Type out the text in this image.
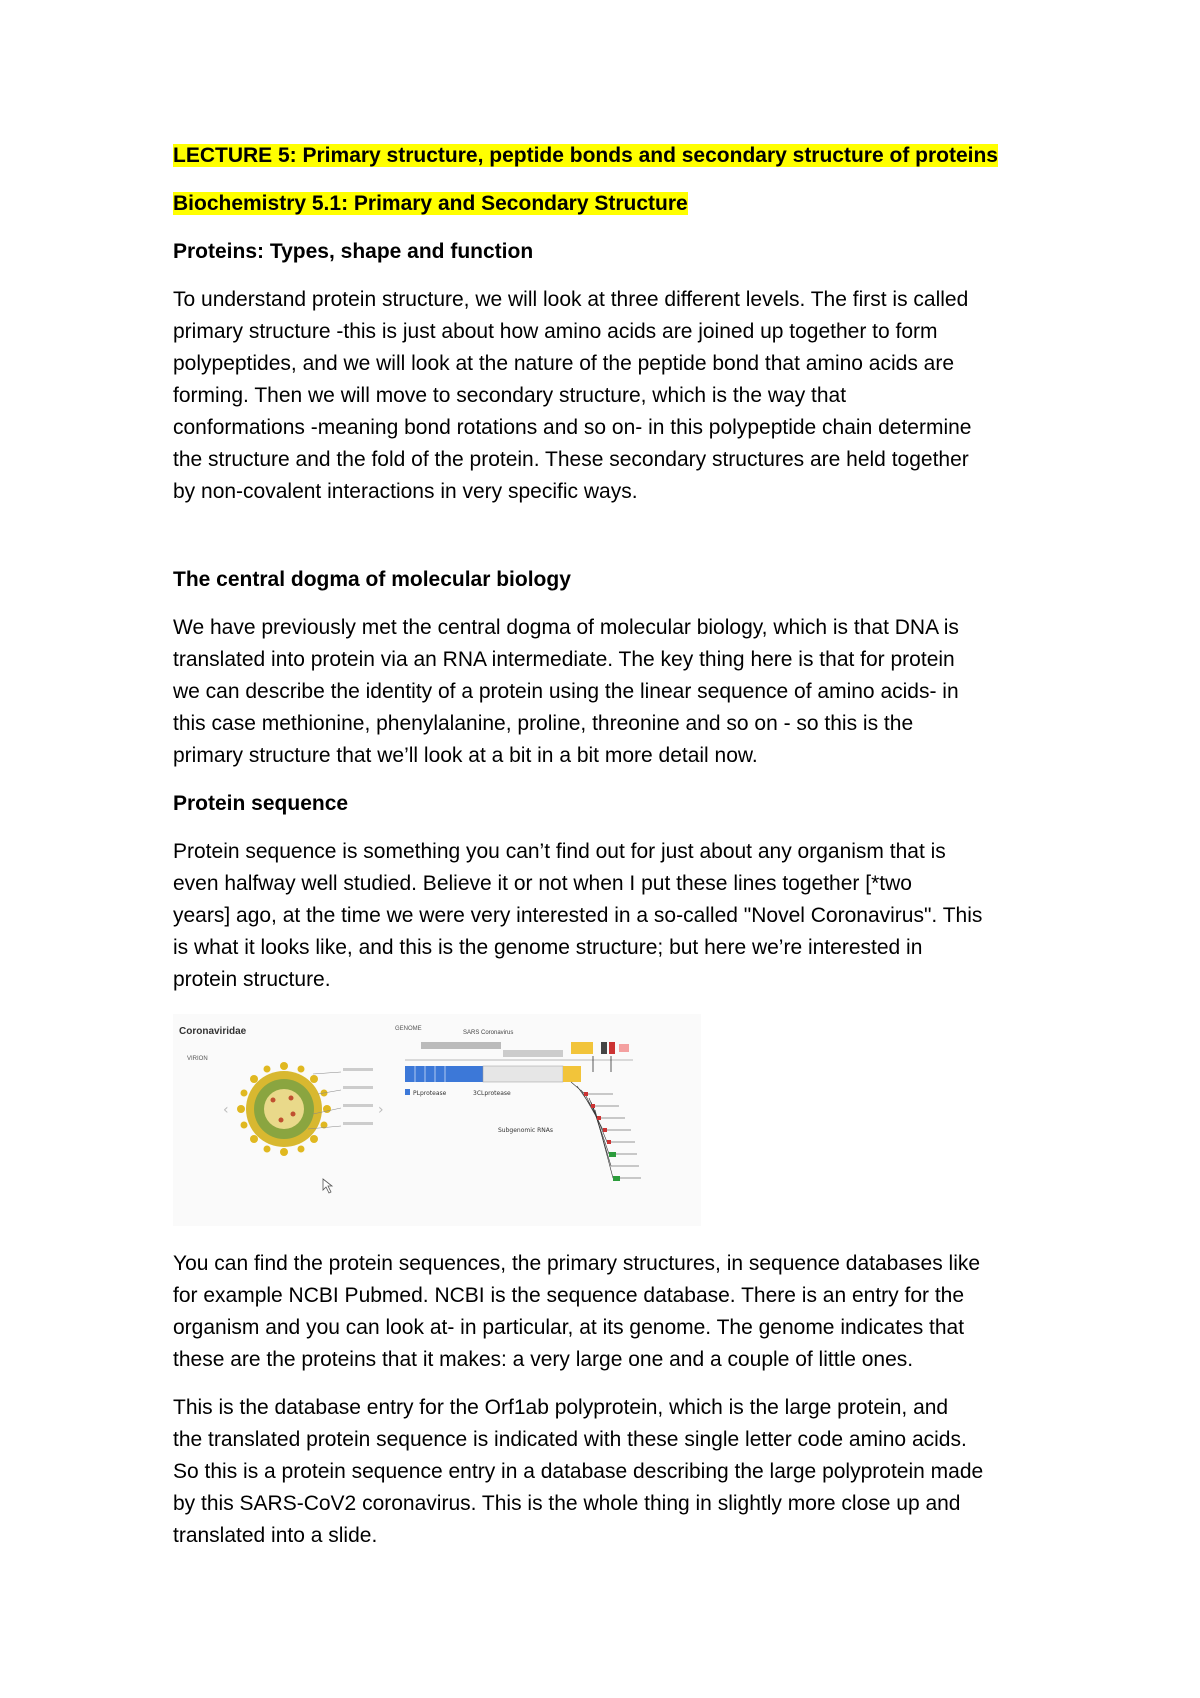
LECTURE 5: Primary structure, peptide bonds and secondary structure of proteins

Biochemistry 5.1: Primary and Secondary Structure

Proteins: Types, shape and function

To understand protein structure, we will look at three different levels. The first is called

primary structure -this is just about how amino acids are joined up together to form

polypeptides, and we will look at the nature of the peptide bond that amino acids are

forming. Then we will move to secondary structure, which is the way that

conformations -meaning bond rotations and so on- in this polypeptide chain determine

the structure and the fold of the protein. These secondary structures are held together

by non-covalent interactions in very specific ways.

The central dogma of molecular biology

We have previously met the central dogma of molecular biology, which is that DNA is

translated into protein via an RNA intermediate. The key thing here is that for protein

we can describe the identity of a protein using the linear sequence of amino acids- in

this case methionine, phenylalanine, proline, threonine and so on - so this is the

primary structure that we’ll look at a bit in a bit more detail now.

Protein sequence

Protein sequence is something you can’t find out for just about any organism that is

even halfway well studied. Believe it or not when I put these lines together [*two

years] ago, at the time we were very interested in a so-called "Novel Coronavirus". This

is what it looks like, and this is the genome structure; but here we’re interested in

protein structure.

Coronaviridae
VIRION
GENOME
SARS Coronavirus
‹	›
PLprotease	3CLprotease
Subgenomic RNAs

You can find the protein sequences, the primary structures, in sequence databases like

for example NCBI Pubmed. NCBI is the sequence database. There is an entry for the

organism and you can look at- in particular, at its genome. The genome indicates that

these are the proteins that it makes: a very large one and a couple of little ones.

This is the database entry for the Orf1ab polyprotein, which is the large protein, and

the translated protein sequence is indicated with these single letter code amino acids.

So this is a protein sequence entry in a database describing the large polyprotein made

by this SARS-CoV2 coronavirus. This is the whole thing in slightly more close up and

translated into a slide.
